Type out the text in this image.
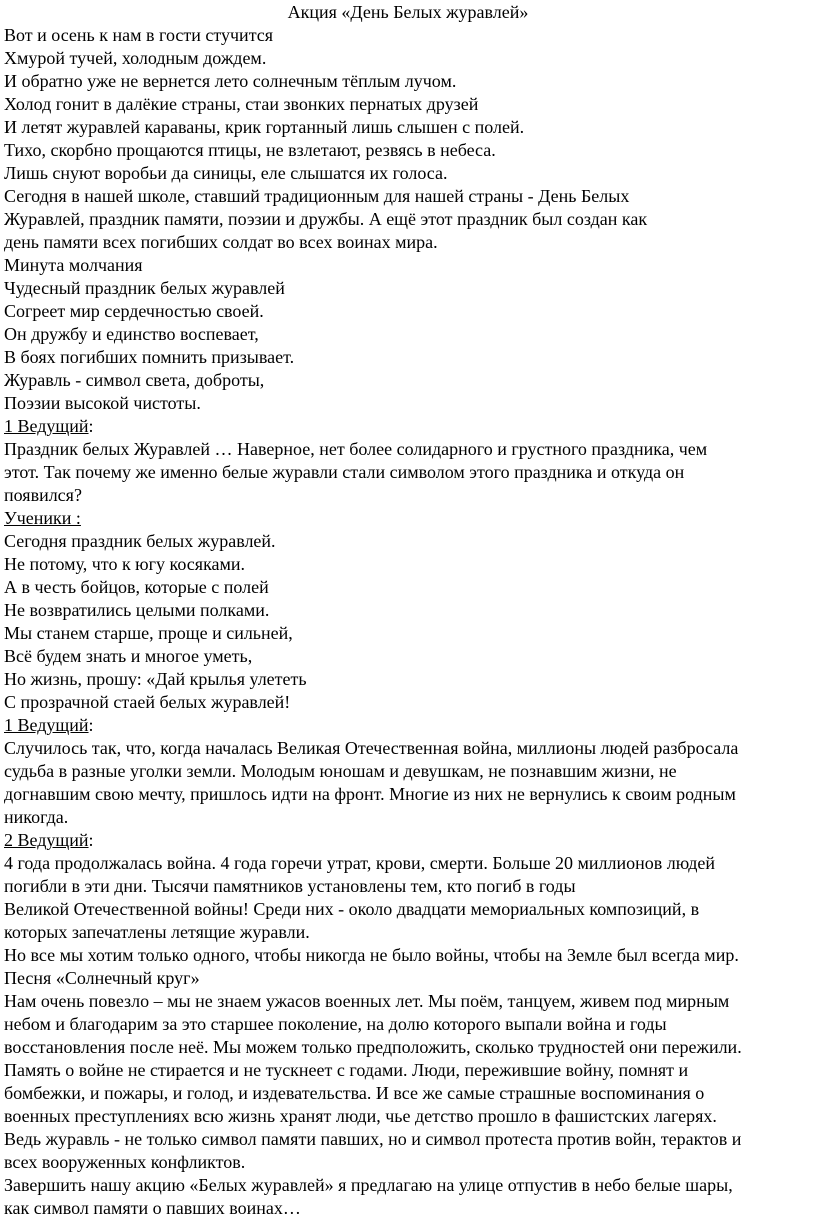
Акция «День Белых журавлей»

Вот и осень к нам в гости стучится

Хмурой тучей, холодным дождем.

И обратно уже не вернется лето солнечным тёплым лучом.

Холод гонит в далёкие страны, стаи звонких пернатых друзей

И летят журавлей караваны, крик гортанный лишь слышен с полей.

Тихо, скорбно прощаются птицы, не взлетают, резвясь в небеса.

Лишь снуют воробьи да синицы, еле слышатся их голоса.

Сегодня в нашей школе, ставший традиционным для нашей страны - День Белых

Журавлей, праздник памяти, поэзии и дружбы. А ещё этот праздник был создан как

день памяти всех погибших солдат во всех воинах мира.

Минута молчания

Чудесный праздник белых журавлей

Согреет мир сердечностью своей.

Он дружбу и единство воспевает,

В боях погибших помнить призывает.

Журавль - символ света, доброты,

Поэзии высокой чистоты.

1 Ведущий:

Праздник белых Журавлей … Наверное, нет более солидарного и грустного праздника, чем

этот. Так почему же именно белые журавли стали символом этого праздника и откуда он

появился?

Ученики :

Сегодня праздник белых журавлей.

Не потому, что к югу косяками.

А в честь бойцов, которые с полей

Не возвратились целыми полками.

Мы станем старше, проще и сильней,

Всё будем знать и многое уметь,

Но жизнь, прошу: «Дай крылья улететь

С прозрачной стаей белых журавлей!

1 Ведущий:

Случилось так, что, когда началась Великая Отечественная война, миллионы людей разбросала

судьба в разные уголки земли. Молодым юношам и девушкам, не познавшим жизни, не

догнавшим свою мечту, пришлось идти на фронт. Многие из них не вернулись к своим родным

никогда.

2 Ведущий:

4 года продолжалась война. 4 года горечи утрат, крови, смерти. Больше 20 миллионов людей

погибли в эти дни. Тысячи памятников установлены тем, кто погиб в годы

Великой Отечественной войны! Среди них - около двадцати мемориальных композиций, в

которых запечатлены летящие журавли.

Но все мы хотим только одного, чтобы никогда не было войны, чтобы на Земле был всегда мир.

Песня «Солнечный круг»

Нам очень повезло – мы не знаем ужасов военных лет. Мы поём, танцуем, живем под мирным

небом и благодарим за это старшее поколение, на долю которого выпали война и годы

восстановления после неё. Мы можем только предположить, сколько трудностей они пережили.

Память о войне не стирается и не тускнеет с годами. Люди, пережившие войну, помнят и

бомбежки, и пожары, и голод, и издевательства. И все же самые страшные воспоминания о

военных преступлениях всю жизнь хранят люди, чье детство прошло в фашистских лагерях.

Ведь журавль - не только символ памяти павших, но и символ протеста против войн, терактов и

всех вооруженных конфликтов.

Завершить нашу акцию «Белых журавлей» я предлагаю на улице отпустив в небо белые шары,

как символ памяти о павших воинах…
